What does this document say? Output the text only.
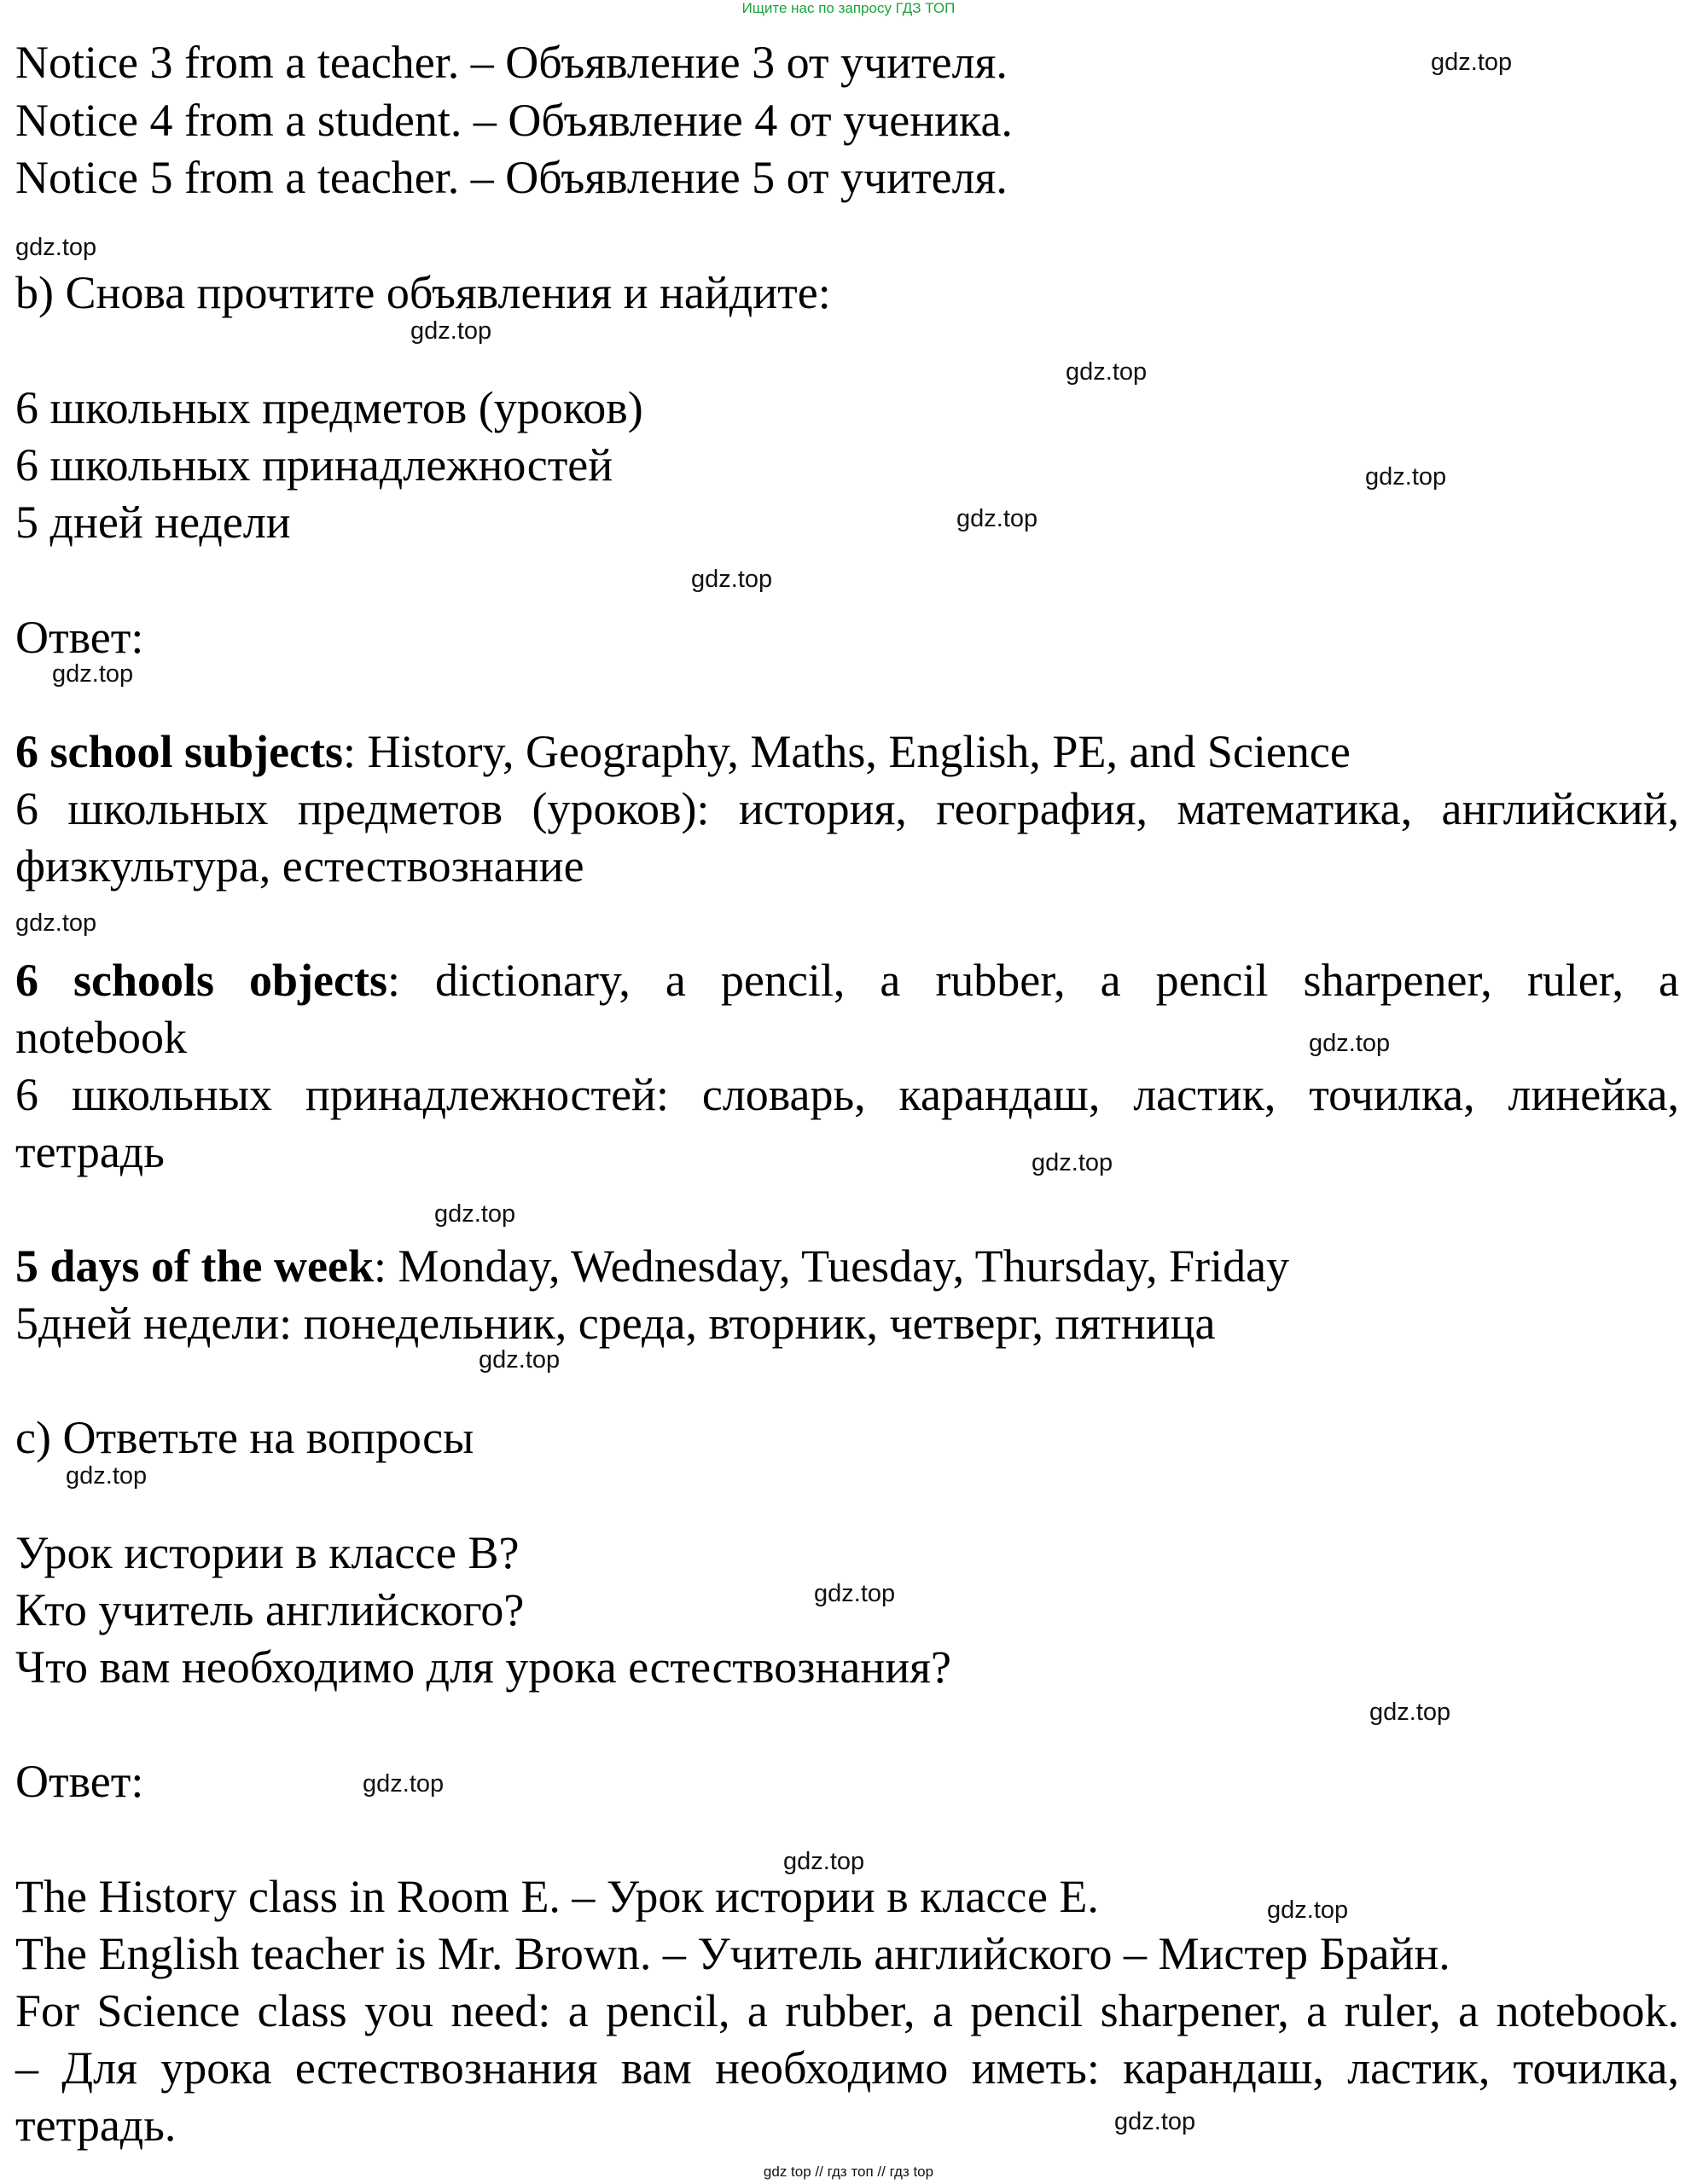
Ищите нас по запросу ГДЗ ТОП
Notice 3 from a teacher. – Объявление 3 от учителя.
Notice 4 from a student. – Объявление 4 от ученика.
Notice 5 from a teacher. – Объявление 5 от учителя.
b) Снова прочтите объявления и найдите:
6 школьных предметов (уроков)
6 школьных принадлежностей
5 дней недели
Ответ:
6 school subjects: History, Geography, Maths, English, PE, and Science
6 школьных предметов (уроков): история, география, математика, английский,
физкультура, естествознание
6 schools objects: dictionary, a pencil, a rubber, a pencil sharpener, ruler, a
notebook
6 школьных принадлежностей: словарь, карандаш, ластик, точилка, линейка,
тетрадь
5 days of the week: Monday, Wednesday, Tuesday, Thursday, Friday
5дней недели: понедельник, среда, вторник, четверг, пятница
c) Ответьте на вопросы
Урок истории в классе В?
Кто учитель английского?
Что вам необходимо для урока естествознания?
Ответ:
The History class in Room E. – Урок истории в классе Е.
The English teacher is Mr. Brown. – Учитель английского – Мистер Брайн.
For Science class you need: a pencil, a rubber, a pencil sharpener, a ruler, a notebook.
– Для урока естествознания вам необходимо иметь: карандаш, ластик, точилка,
тетрадь.
gdz.top
gdz.top
gdz.top
gdz.top
gdz.top
gdz.top
gdz.top
gdz.top
gdz.top
gdz.top
gdz.top
gdz.top
gdz.top
gdz.top
gdz.top
gdz.top
gdz.top
gdz.top
gdz.top
gdz.top
gdz top // гдз топ // гдз top
